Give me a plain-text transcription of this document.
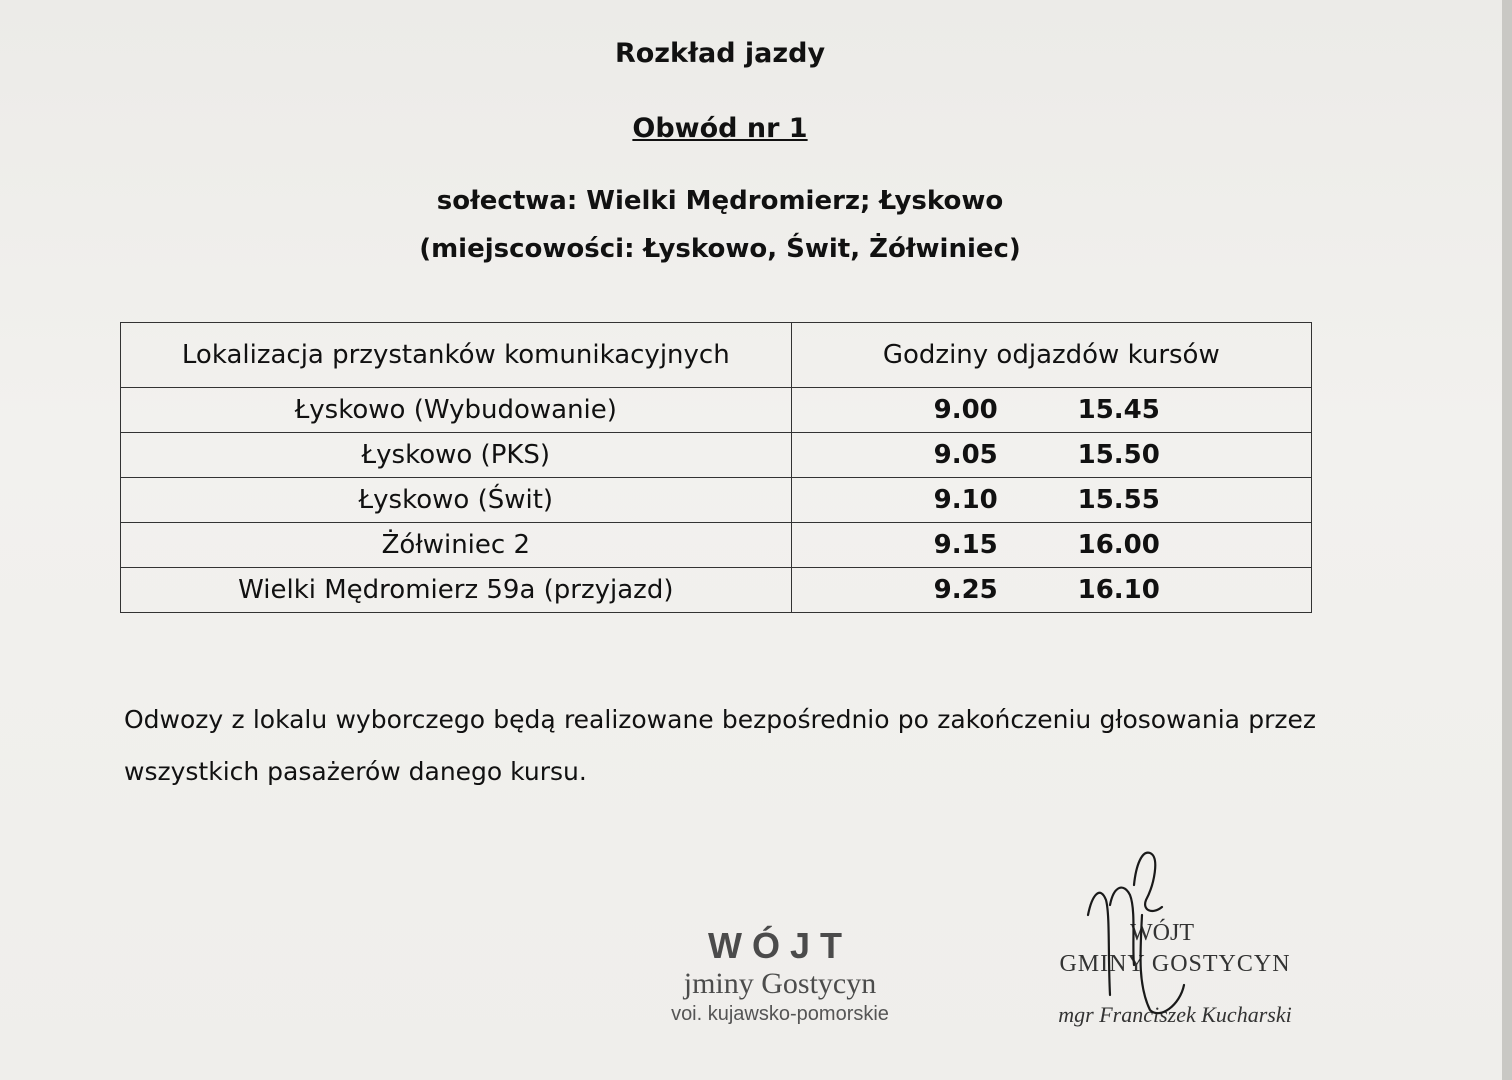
Rozkład jazdy
Obwód nr 1
sołectwa: Wielki Mędromierz; Łyskowo
(miejscowości: Łyskowo, Świt, Żółwiniec)
Lokalizacja przystanków komunikacyjnych	Godziny odjazdów kursów
Łyskowo (Wybudowanie)	9.00 15.45

Łyskowo (PKS)	9.05 15.50

Łyskowo (Świt)	9.10 15.55

Żółwiniec 2	9.15 16.00

Wielki Mędromierz 59a (przyjazd)	9.25 16.10
Odwozy z lokalu wyborczego będą realizowane bezpośrednio po zakończeniu głosowania przez wszystkich pasażerów danego kursu.
WÓJT
jminy Gostycyn
voi. kujawsko-pomorskie
WÓJT
GMINY GOSTYCYN
mgr Franciszek Kucharski
